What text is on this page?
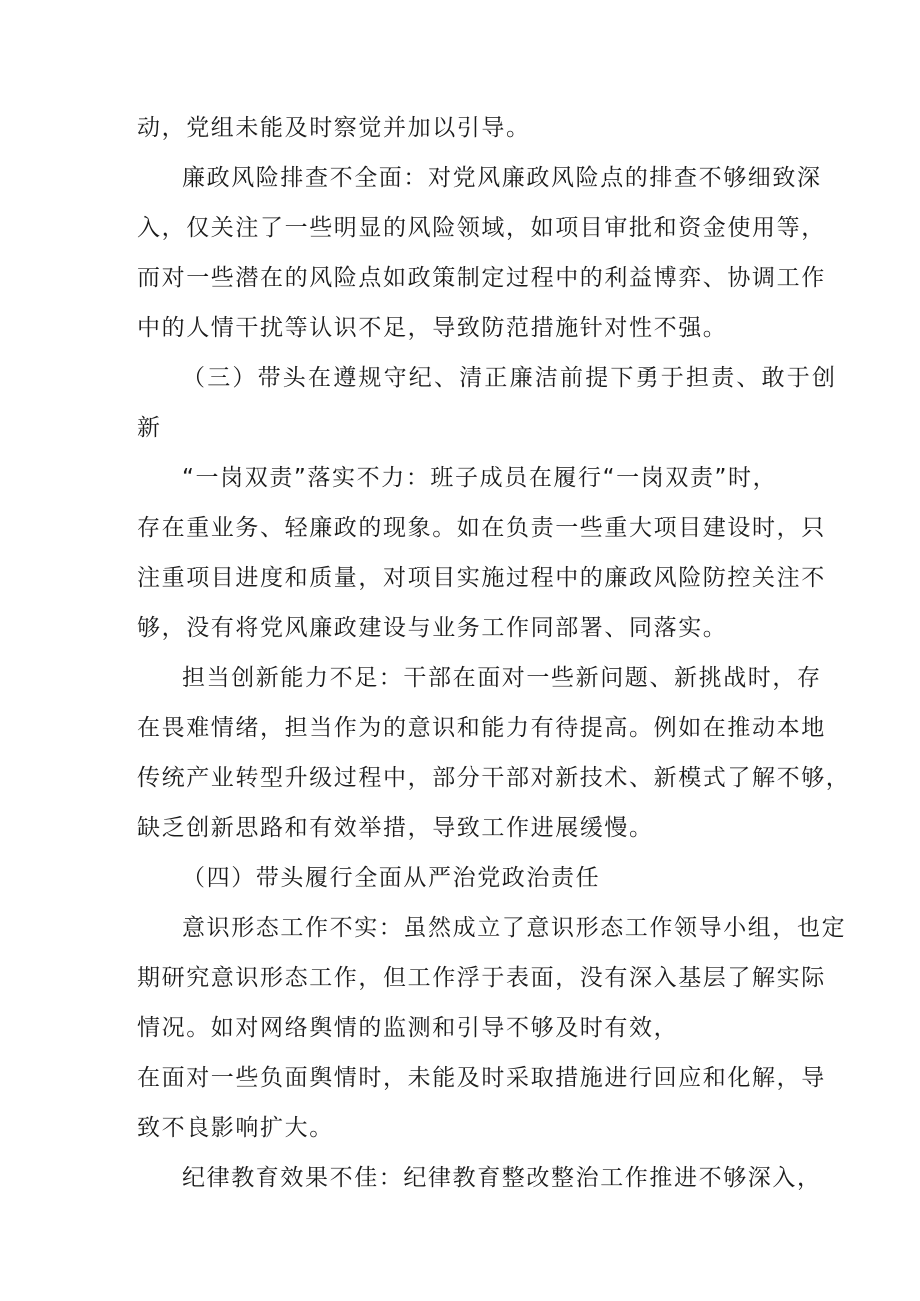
动，党组未能及时察觉并加以引导。
廉政风险排查不全面：对党风廉政风险点的排查不够细致深
入，仅关注了一些明显的风险领域，如项目审批和资金使用等，
而对一些潜在的风险点如政策制定过程中的利益博弈、协调工作
中的人情干扰等认识不足，导致防范措施针对性不强。
（三）带头在遵规守纪、清正廉洁前提下勇于担责、敢于创
新
“一岗双责”落实不力：班子成员在履行“一岗双责”时，
存在重业务、轻廉政的现象。如在负责一些重大项目建设时，只
注重项目进度和质量，对项目实施过程中的廉政风险防控关注不
够，没有将党风廉政建设与业务工作同部署、同落实。
担当创新能力不足：干部在面对一些新问题、新挑战时，存
在畏难情绪，担当作为的意识和能力有待提高。例如在推动本地
传统产业转型升级过程中，部分干部对新技术、新模式了解不够，
缺乏创新思路和有效举措，导致工作进展缓慢。
（四）带头履行全面从严治党政治责任
意识形态工作不实：虽然成立了意识形态工作领导小组，也定
期研究意识形态工作，但工作浮于表面，没有深入基层了解实际
情况。如对网络舆情的监测和引导不够及时有效，
在面对一些负面舆情时，未能及时采取措施进行回应和化解，导
致不良影响扩大。
纪律教育效果不佳：纪律教育整改整治工作推进不够深入，
